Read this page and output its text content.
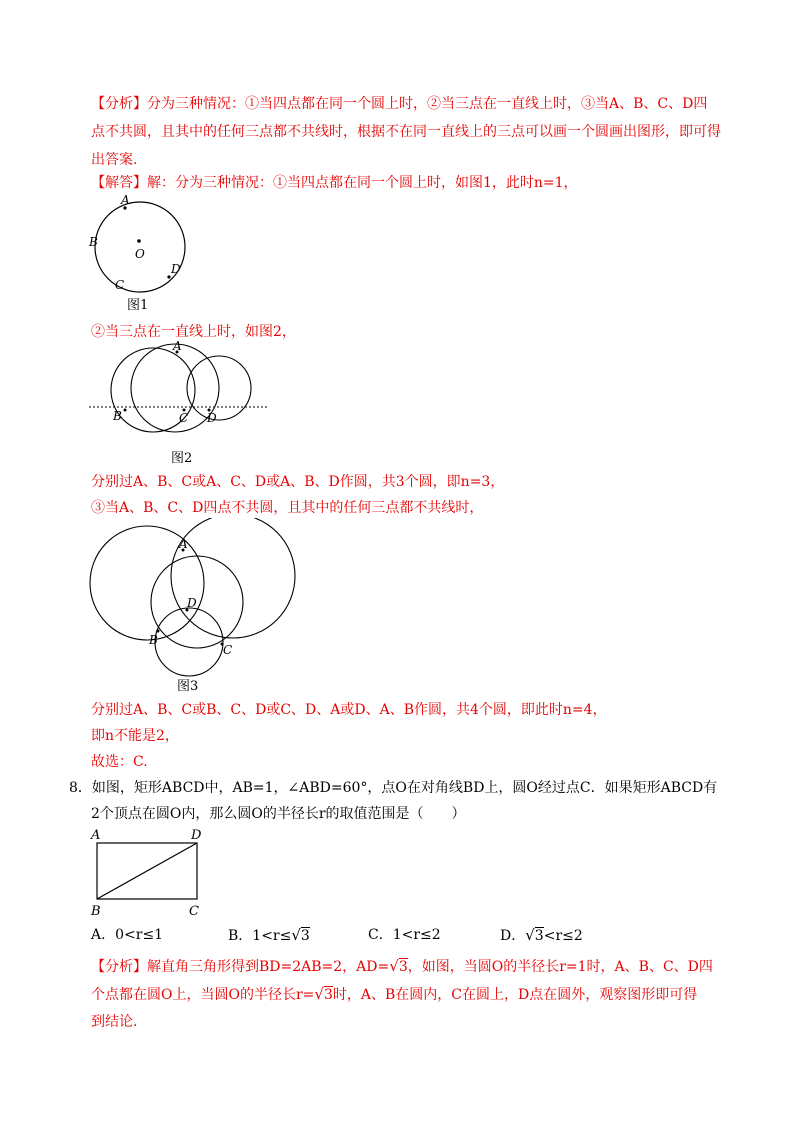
【分析】分为三种情况：①当四点都在同一个圆上时，②当三点在一直线上时，③当A、B、C、D四
点不共圆，且其中的任何三点都不共线时，根据不在同一直线上的三点可以画一个圆画出图形，即可得
出答案.
【解答】解：分为三种情况：①当四点都在同一个圆上时，如图1，此时n=1，
A
B
O
C
D
图1
②当三点在一直线上时，如图2，
A
B	C D
图2
分别过A、B、C或A、C、D或A、B、D作圆，共3个圆，即n=3，
③当A、B、C、D四点不共圆，且其中的任何三点都不共线时，
A
D
B
C
图3
分别过A、B、C或B、C、D或C、D、A或D、A、B作圆，共4个圆，即此时n=4，
即n不能是2，
故选：C.
8．如图，矩形ABCD中，AB=1，∠ABD=60°，点O在对角线BD上，圆O经过点C．如果矩形ABCD有
2个顶点在圆O内，那么圆O的半径长r的取值范围是（　　）
A	D
B	C
A．0<r≤1	B．1<r≤√3	C．1<r≤2	D．√3<r≤2
【分析】解直角三角形得到BD=2AB=2，AD=√3，如图，当圆O的半径长r=1时，A、B、C、D四
个点都在圆O上，当圆O的半径长r=√3时，A、B在圆内，C在圆上，D点在圆外，观察图形即可得
到结论.
